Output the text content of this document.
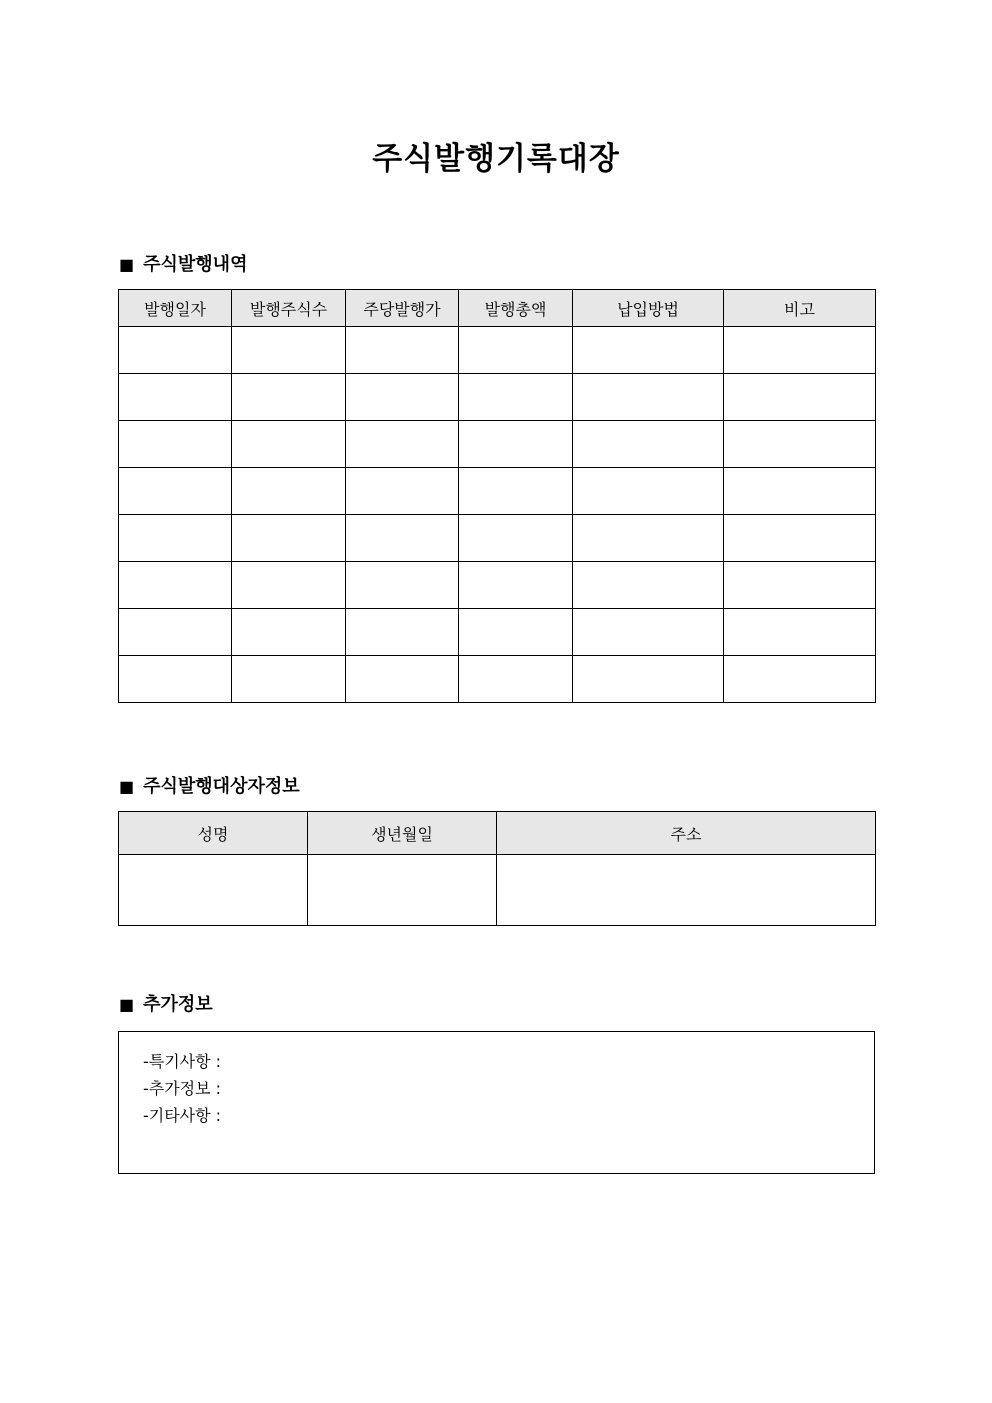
주식발행기록대장
■ 주식발행내역
발행일자	발행주식수	주당발행가	발행총액	납입방법	비고

■ 주식발행대상자정보
성명	생년월일	주소

■ 추가정보
-특기사항 :
-추가정보 :
-기타사항 :
